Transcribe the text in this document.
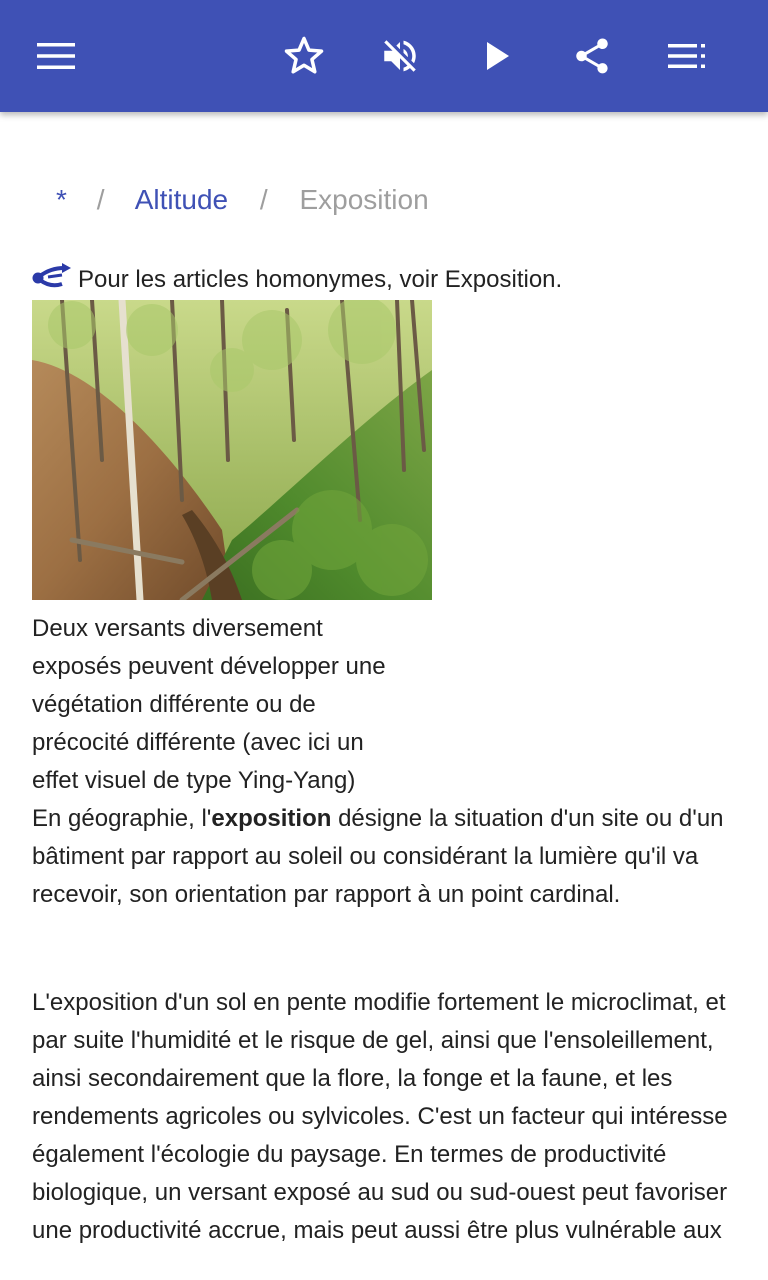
* / Altitude / Exposition
Pour les articles homonymes, voir Exposition.
Deux versants diversement
exposés peuvent développer une
végétation différente ou de
précocité différente (avec ici un
effet visuel de type Ying-Yang)

En géographie, l'exposition désigne la situation d'un site ou d'un bâtiment par rapport au soleil ou considérant la lumière qu'il va recevoir, son orientation par rapport à un point cardinal.

L'exposition d'un sol en pente modifie fortement le microclimat, et par suite l'humidité et le risque de gel, ainsi que l'ensoleillement, ainsi secondairement que la flore, la fonge et la faune, et les rendements agricoles ou sylvicoles. C'est un facteur qui intéresse également l'écologie du paysage. En termes de productivité biologique, un versant exposé au sud ou sud-ouest peut favoriser une productivité accrue, mais peut aussi être plus vulnérable aux
